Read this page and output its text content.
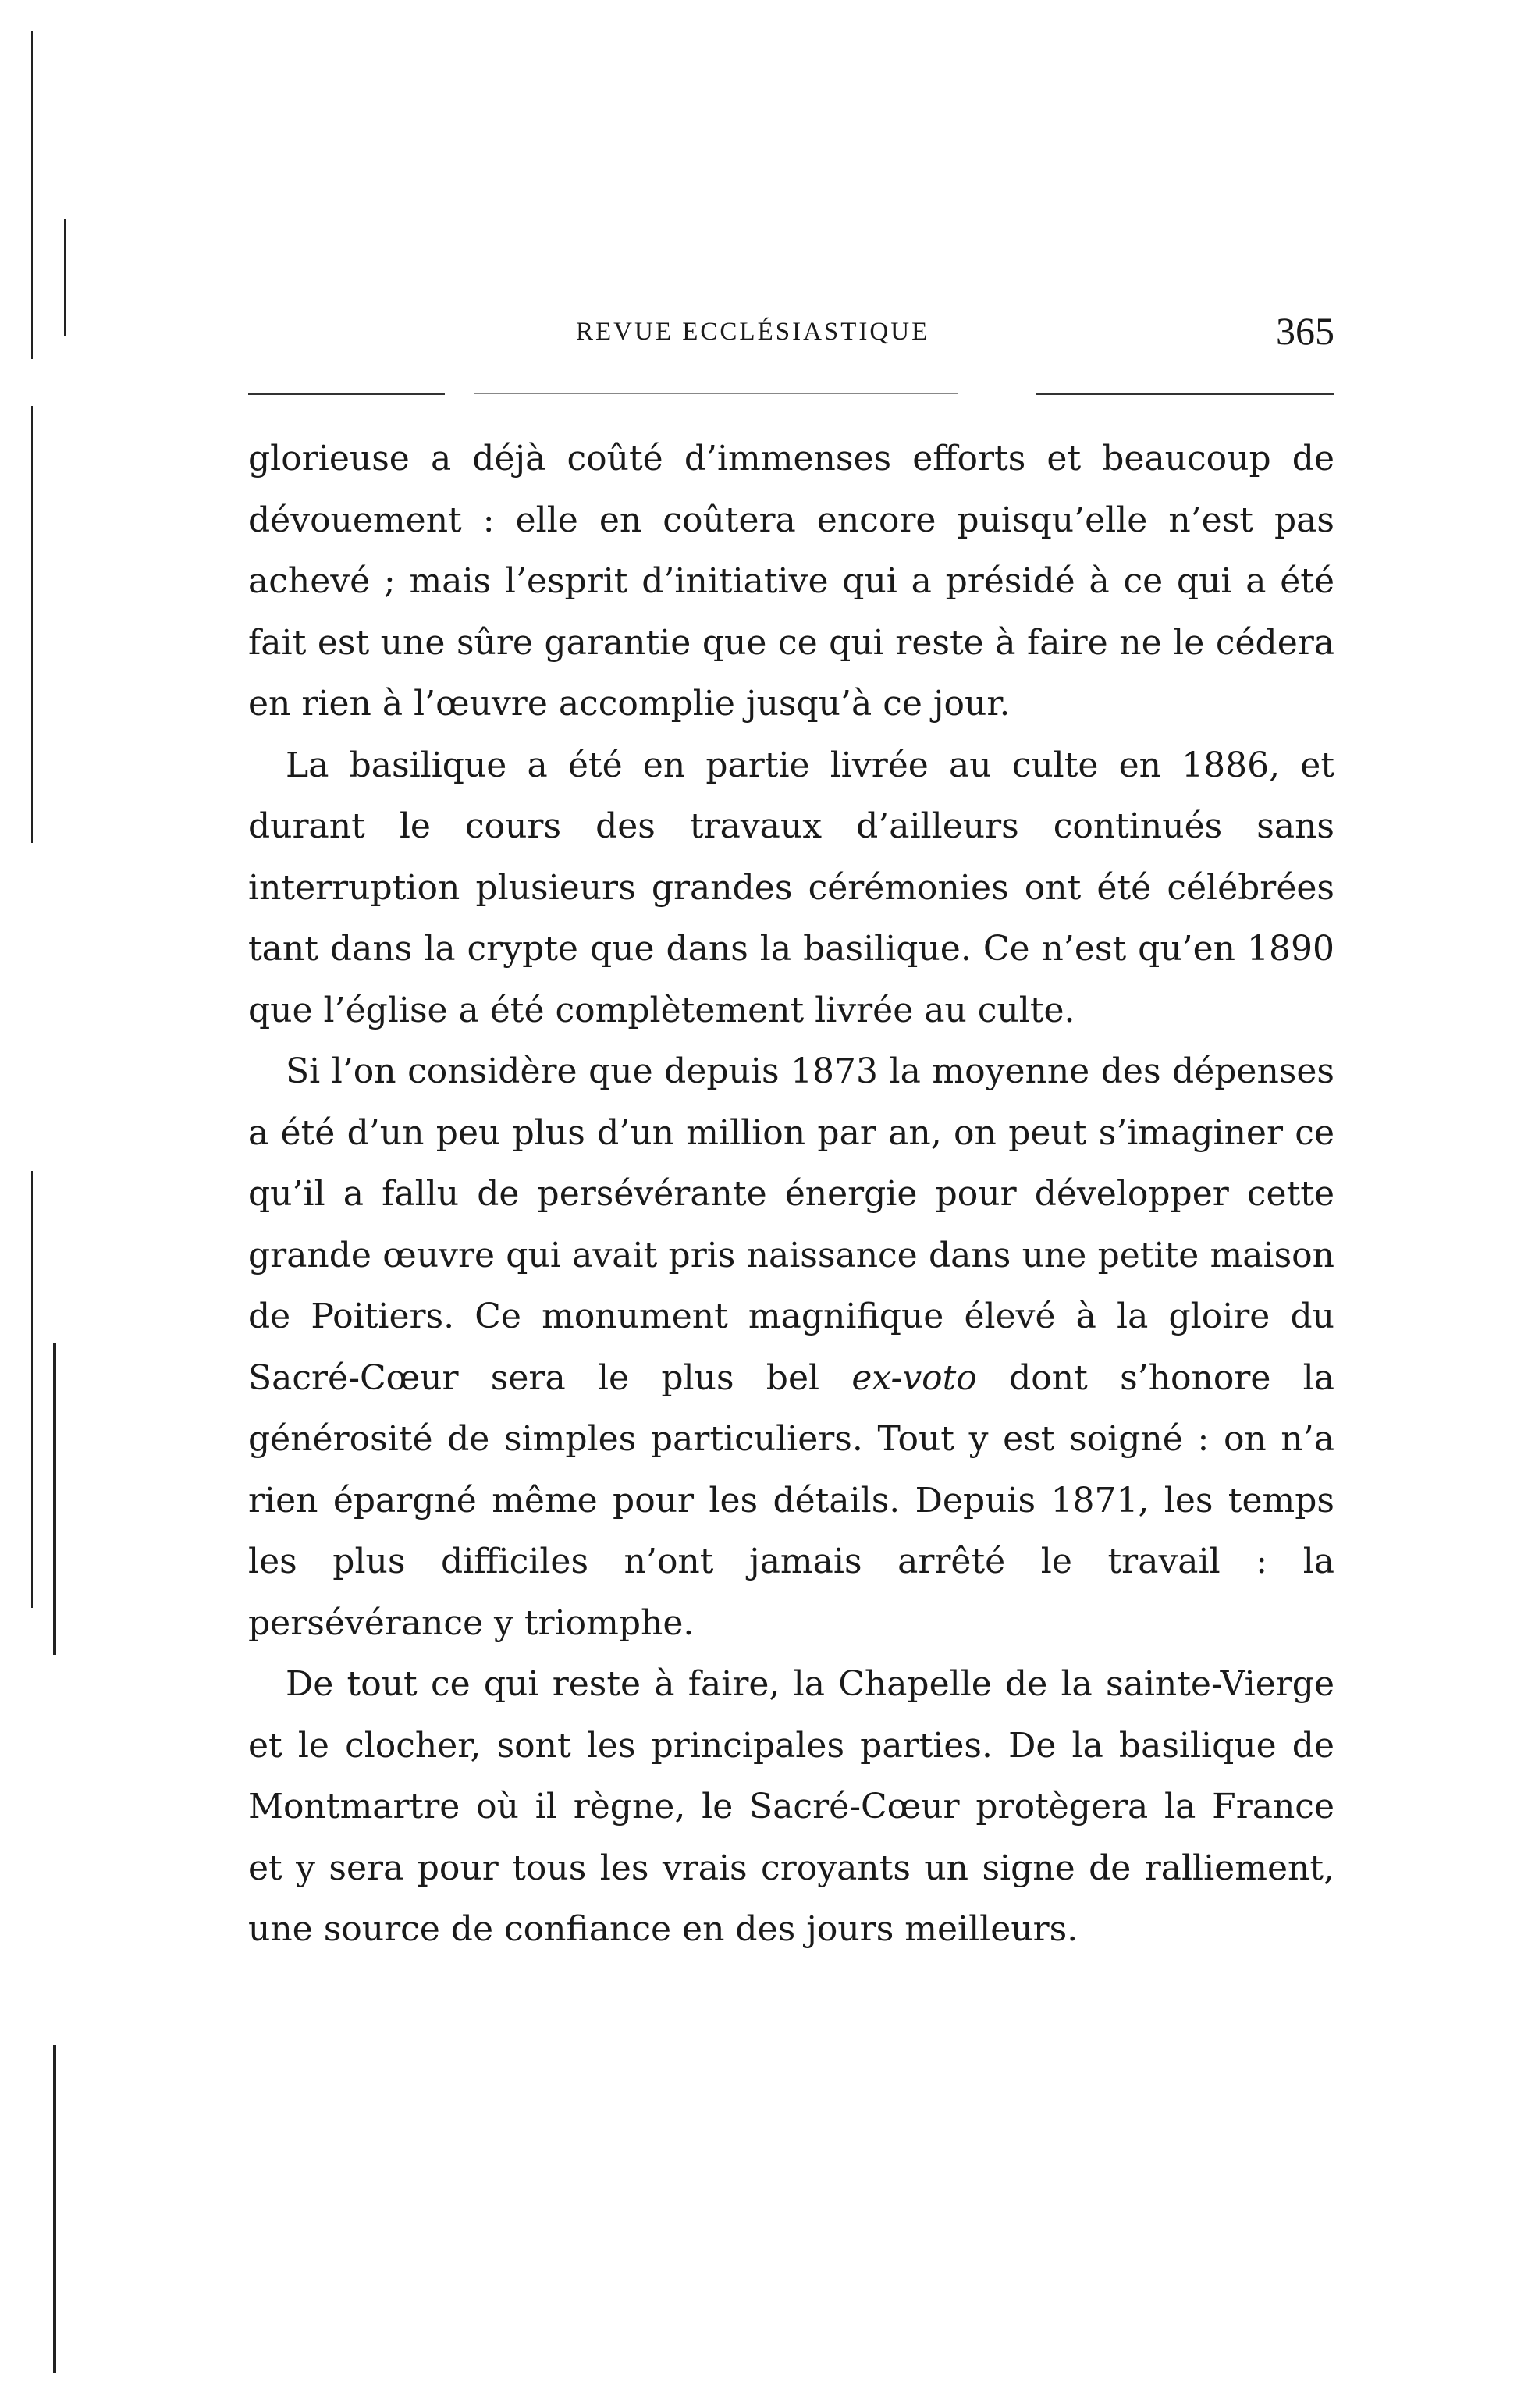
REVUE ECCLÉSIASTIQUE	365

glorieuse a déjà coûté d’immenses efforts et beaucoup de dévouement : elle en coûtera encore puisqu’elle n’est pas achevé ; mais l’esprit d’initiative qui a présidé à ce qui a été fait est une sûre garantie que ce qui reste à faire ne le cédera en rien à l’œuvre accomplie jusqu’à ce jour.

La basilique a été en partie livrée au culte en 1886, et durant le cours des travaux d’ailleurs continués sans interruption plusieurs grandes cérémonies ont été célébrées tant dans la crypte que dans la basilique. Ce n’est qu’en 1890 que l’église a été complètement livrée au culte.

Si l’on considère que depuis 1873 la moyenne des dépenses a été d’un peu plus d’un million par an, on peut s’imaginer ce qu’il a fallu de persévérante énergie pour développer cette grande œuvre qui avait pris naissance dans une petite maison de Poitiers. Ce monument magnifique élevé à la gloire du Sacré-Cœur sera le plus bel ex-voto dont s’honore la générosité de simples particuliers. Tout y est soigné : on n’a rien épargné même pour les détails. Depuis 1871, les temps les plus difficiles n’ont jamais arrêté le travail : la persévérance y triomphe.

De tout ce qui reste à faire, la Chapelle de la sainte-Vierge et le clocher, sont les principales parties. De la basilique de Montmartre où il règne, le Sacré-Cœur protègera la France et y sera pour tous les vrais croyants un signe de ralliement, une source de confiance en des jours meilleurs.
